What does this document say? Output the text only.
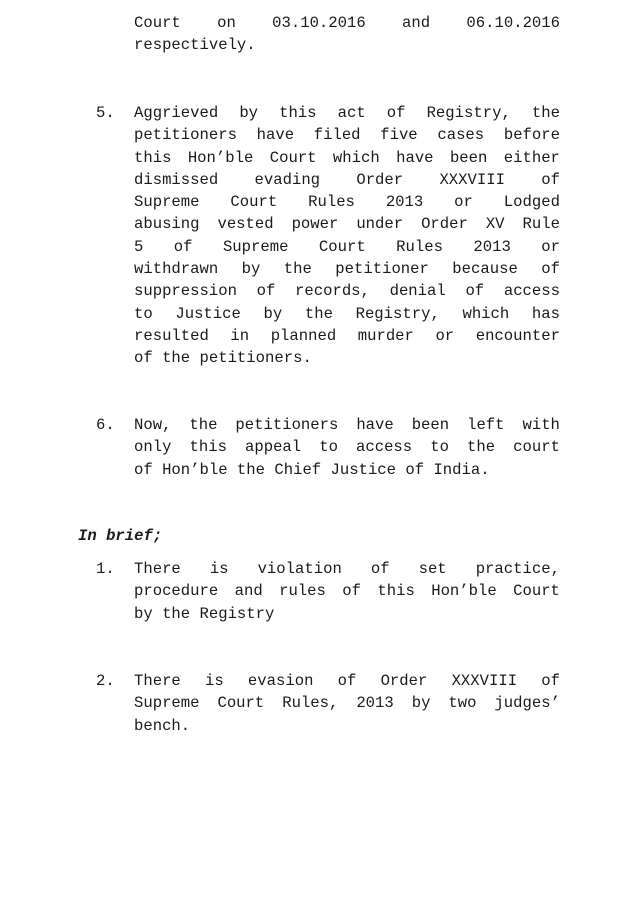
Court on 03.10.2016 and 06.10.2016
respectively.

5.	Aggrieved by this act of Registry, the
petitioners have filed five cases before
this Hon’ble Court which have been either
dismissed evading Order XXXVIII of
Supreme Court Rules 2013 or Lodged
abusing vested power under Order XV Rule
5 of Supreme Court Rules 2013 or
withdrawn by the petitioner because of
suppression of records, denial of access
to Justice by the Registry, which has
resulted in planned murder or encounter
of the petitioners.

6.	Now, the petitioners have been left with
only this appeal to access to the court
of Hon’ble the Chief Justice of India.

In brief;

1.	There is violation of set practice,
procedure and rules of this Hon’ble Court
by the Registry

2.	There is evasion of Order XXXVIII of
Supreme Court Rules, 2013 by two judges’
bench.
